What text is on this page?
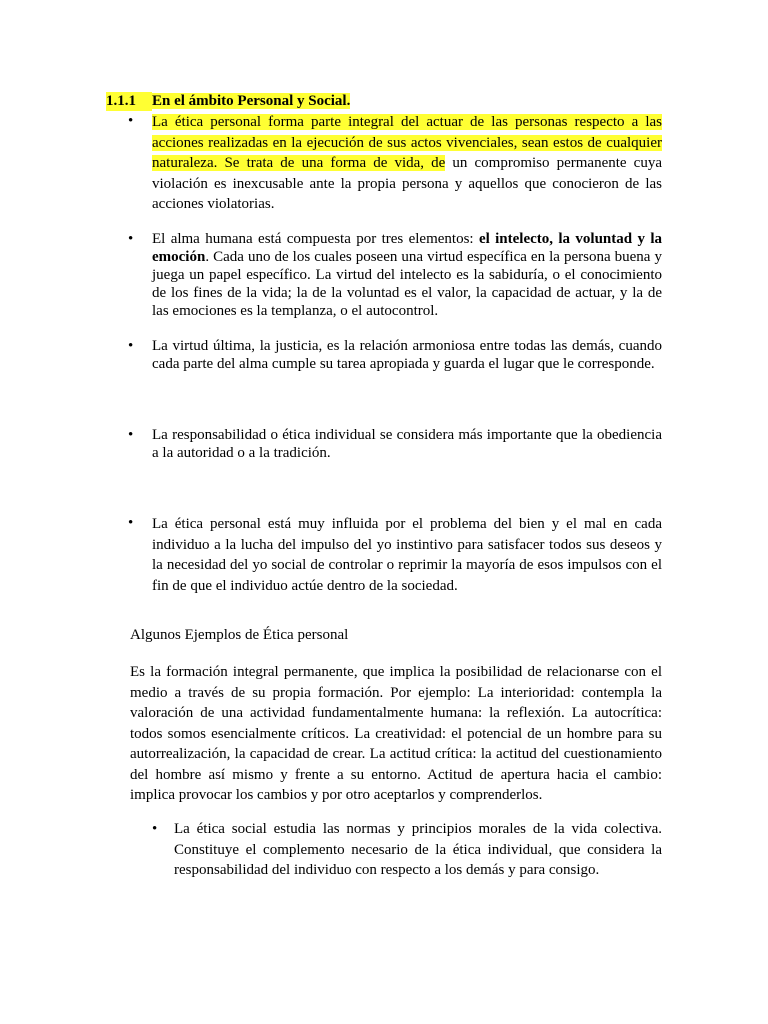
1.1.1 En el ámbito Personal y Social.
•	La ética personal forma parte integral del actuar de las personas respecto a las acciones realizadas en la ejecución de sus actos vivenciales, sean estos de cualquier naturaleza. Se trata de una forma de vida, de un compromiso permanente cuya violación es inexcusable ante la propia persona y aquellos que conocieron de las acciones violatorias.
•	El alma humana está compuesta por tres elementos: el intelecto, la voluntad y la emoción. Cada uno de los cuales poseen una virtud específica en la persona buena y juega un papel específico. La virtud del intelecto es la sabiduría, o el conocimiento de los fines de la vida; la de la voluntad es el valor, la capacidad de actuar, y la de las emociones es la templanza, o el autocontrol.
•	La virtud última, la justicia, es la relación armoniosa entre todas las demás, cuando cada parte del alma cumple su tarea apropiada y guarda el lugar que le corresponde.
•	La responsabilidad o ética individual se considera más importante que la obediencia a la autoridad o a la tradición.
•	La ética personal está muy influida por el problema del bien y el mal en cada individuo a la lucha del impulso del yo instintivo para satisfacer todos sus deseos y la necesidad del yo social de controlar o reprimir la mayoría de esos impulsos con el fin de que el individuo actúe dentro de la sociedad.
Algunos Ejemplos de Ética personal
Es la formación integral permanente, que implica la posibilidad de relacionarse con el medio a través de su propia formación. Por ejemplo: La interioridad: contempla la valoración de una actividad fundamentalmente humana: la reflexión. La autocrítica: todos somos esencialmente críticos. La creatividad: el potencial de un hombre para su autorrealización, la capacidad de crear. La actitud crítica: la actitud del cuestionamiento del hombre así mismo y frente a su entorno. Actitud de apertura hacia el cambio: implica provocar los cambios y por otro aceptarlos y comprenderlos.
• La ética social estudia las normas y principios morales de la vida colectiva. Constituye el complemento necesario de la ética individual, que considera la responsabilidad del individuo con respecto a los demás y para consigo.
